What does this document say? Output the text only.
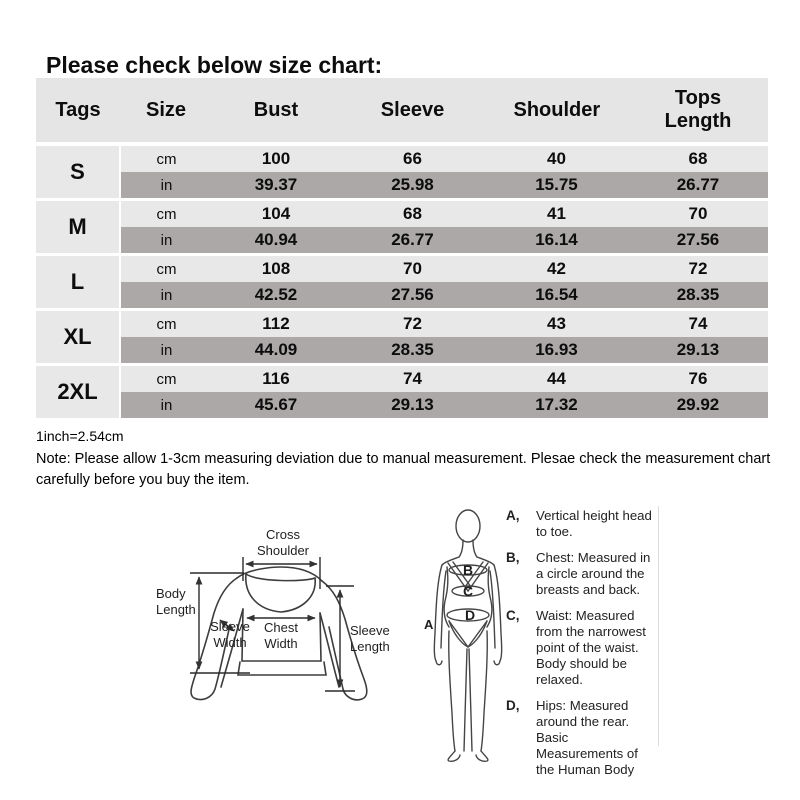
Please check below size chart:
Tags	Size	Bust	Sleeve	Shoulder	Tops Length
S	cm	100	66	40	68
	in	39.37	25.98	15.75	26.77
M	cm	104	68	41	70
	in	40.94	26.77	16.14	27.56
L	cm	108	70	42	72
	in	42.52	27.56	16.54	28.35
XL	cm	112	72	43	74
	in	44.09	28.35	16.93	29.13
2XL	cm	116	74	44	76
	in	45.67	29.13	17.32	29.92
1inch=2.54cm
Note: Please allow 1-3cm measuring deviation due to manual measurement. Plesae check the measurement chart carefully before you buy the item.
Cross Shoulder
Body Length
Sleeve Width
Chest Width
Sleeve Length
A
B
C
D
A,	Vertical height head to toe.
B,	Chest: Measured in a circle around the breasts and back.
C,	Waist: Measured from the narrowest point of the waist. Body should be relaxed.
D,	Hips: Measured around the rear. Basic Measurements of the Human Body
